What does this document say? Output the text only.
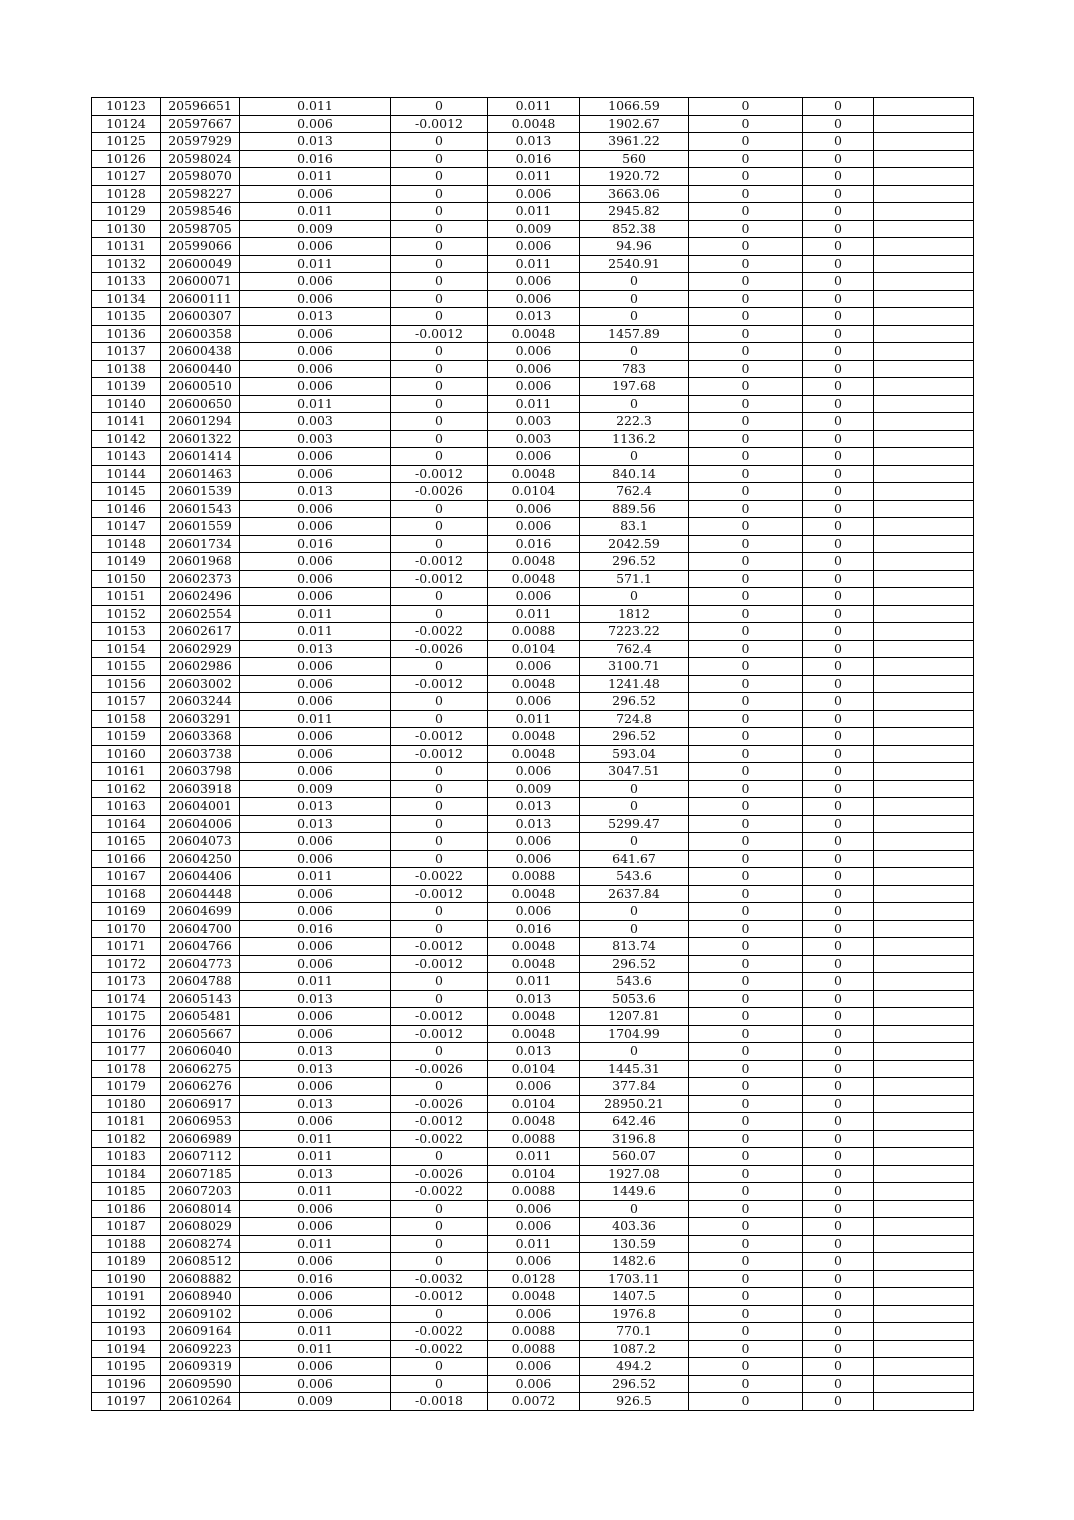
10123	20596651	0.011	0	0.011	1066.59	0	0	
10124	20597667	0.006	-0.0012	0.0048	1902.67	0	0	
10125	20597929	0.013	0	0.013	3961.22	0	0	
10126	20598024	0.016	0	0.016	560	0	0	
10127	20598070	0.011	0	0.011	1920.72	0	0	
10128	20598227	0.006	0	0.006	3663.06	0	0	
10129	20598546	0.011	0	0.011	2945.82	0	0	
10130	20598705	0.009	0	0.009	852.38	0	0	
10131	20599066	0.006	0	0.006	94.96	0	0	
10132	20600049	0.011	0	0.011	2540.91	0	0	
10133	20600071	0.006	0	0.006	0	0	0	
10134	20600111	0.006	0	0.006	0	0	0	
10135	20600307	0.013	0	0.013	0	0	0	
10136	20600358	0.006	-0.0012	0.0048	1457.89	0	0	
10137	20600438	0.006	0	0.006	0	0	0	
10138	20600440	0.006	0	0.006	783	0	0	
10139	20600510	0.006	0	0.006	197.68	0	0	
10140	20600650	0.011	0	0.011	0	0	0	
10141	20601294	0.003	0	0.003	222.3	0	0	
10142	20601322	0.003	0	0.003	1136.2	0	0	
10143	20601414	0.006	0	0.006	0	0	0	
10144	20601463	0.006	-0.0012	0.0048	840.14	0	0	
10145	20601539	0.013	-0.0026	0.0104	762.4	0	0	
10146	20601543	0.006	0	0.006	889.56	0	0	
10147	20601559	0.006	0	0.006	83.1	0	0	
10148	20601734	0.016	0	0.016	2042.59	0	0	
10149	20601968	0.006	-0.0012	0.0048	296.52	0	0	
10150	20602373	0.006	-0.0012	0.0048	571.1	0	0	
10151	20602496	0.006	0	0.006	0	0	0	
10152	20602554	0.011	0	0.011	1812	0	0	
10153	20602617	0.011	-0.0022	0.0088	7223.22	0	0	
10154	20602929	0.013	-0.0026	0.0104	762.4	0	0	
10155	20602986	0.006	0	0.006	3100.71	0	0	
10156	20603002	0.006	-0.0012	0.0048	1241.48	0	0	
10157	20603244	0.006	0	0.006	296.52	0	0	
10158	20603291	0.011	0	0.011	724.8	0	0	
10159	20603368	0.006	-0.0012	0.0048	296.52	0	0	
10160	20603738	0.006	-0.0012	0.0048	593.04	0	0	
10161	20603798	0.006	0	0.006	3047.51	0	0	
10162	20603918	0.009	0	0.009	0	0	0	
10163	20604001	0.013	0	0.013	0	0	0	
10164	20604006	0.013	0	0.013	5299.47	0	0	
10165	20604073	0.006	0	0.006	0	0	0	
10166	20604250	0.006	0	0.006	641.67	0	0	
10167	20604406	0.011	-0.0022	0.0088	543.6	0	0	
10168	20604448	0.006	-0.0012	0.0048	2637.84	0	0	
10169	20604699	0.006	0	0.006	0	0	0	
10170	20604700	0.016	0	0.016	0	0	0	
10171	20604766	0.006	-0.0012	0.0048	813.74	0	0	
10172	20604773	0.006	-0.0012	0.0048	296.52	0	0	
10173	20604788	0.011	0	0.011	543.6	0	0	
10174	20605143	0.013	0	0.013	5053.6	0	0	
10175	20605481	0.006	-0.0012	0.0048	1207.81	0	0	
10176	20605667	0.006	-0.0012	0.0048	1704.99	0	0	
10177	20606040	0.013	0	0.013	0	0	0	
10178	20606275	0.013	-0.0026	0.0104	1445.31	0	0	
10179	20606276	0.006	0	0.006	377.84	0	0	
10180	20606917	0.013	-0.0026	0.0104	28950.21	0	0	
10181	20606953	0.006	-0.0012	0.0048	642.46	0	0	
10182	20606989	0.011	-0.0022	0.0088	3196.8	0	0	
10183	20607112	0.011	0	0.011	560.07	0	0	
10184	20607185	0.013	-0.0026	0.0104	1927.08	0	0	
10185	20607203	0.011	-0.0022	0.0088	1449.6	0	0	
10186	20608014	0.006	0	0.006	0	0	0	
10187	20608029	0.006	0	0.006	403.36	0	0	
10188	20608274	0.011	0	0.011	130.59	0	0	
10189	20608512	0.006	0	0.006	1482.6	0	0	
10190	20608882	0.016	-0.0032	0.0128	1703.11	0	0	
10191	20608940	0.006	-0.0012	0.0048	1407.5	0	0	
10192	20609102	0.006	0	0.006	1976.8	0	0	
10193	20609164	0.011	-0.0022	0.0088	770.1	0	0	
10194	20609223	0.011	-0.0022	0.0088	1087.2	0	0	
10195	20609319	0.006	0	0.006	494.2	0	0	
10196	20609590	0.006	0	0.006	296.52	0	0	
10197	20610264	0.009	-0.0018	0.0072	926.5	0	0	
